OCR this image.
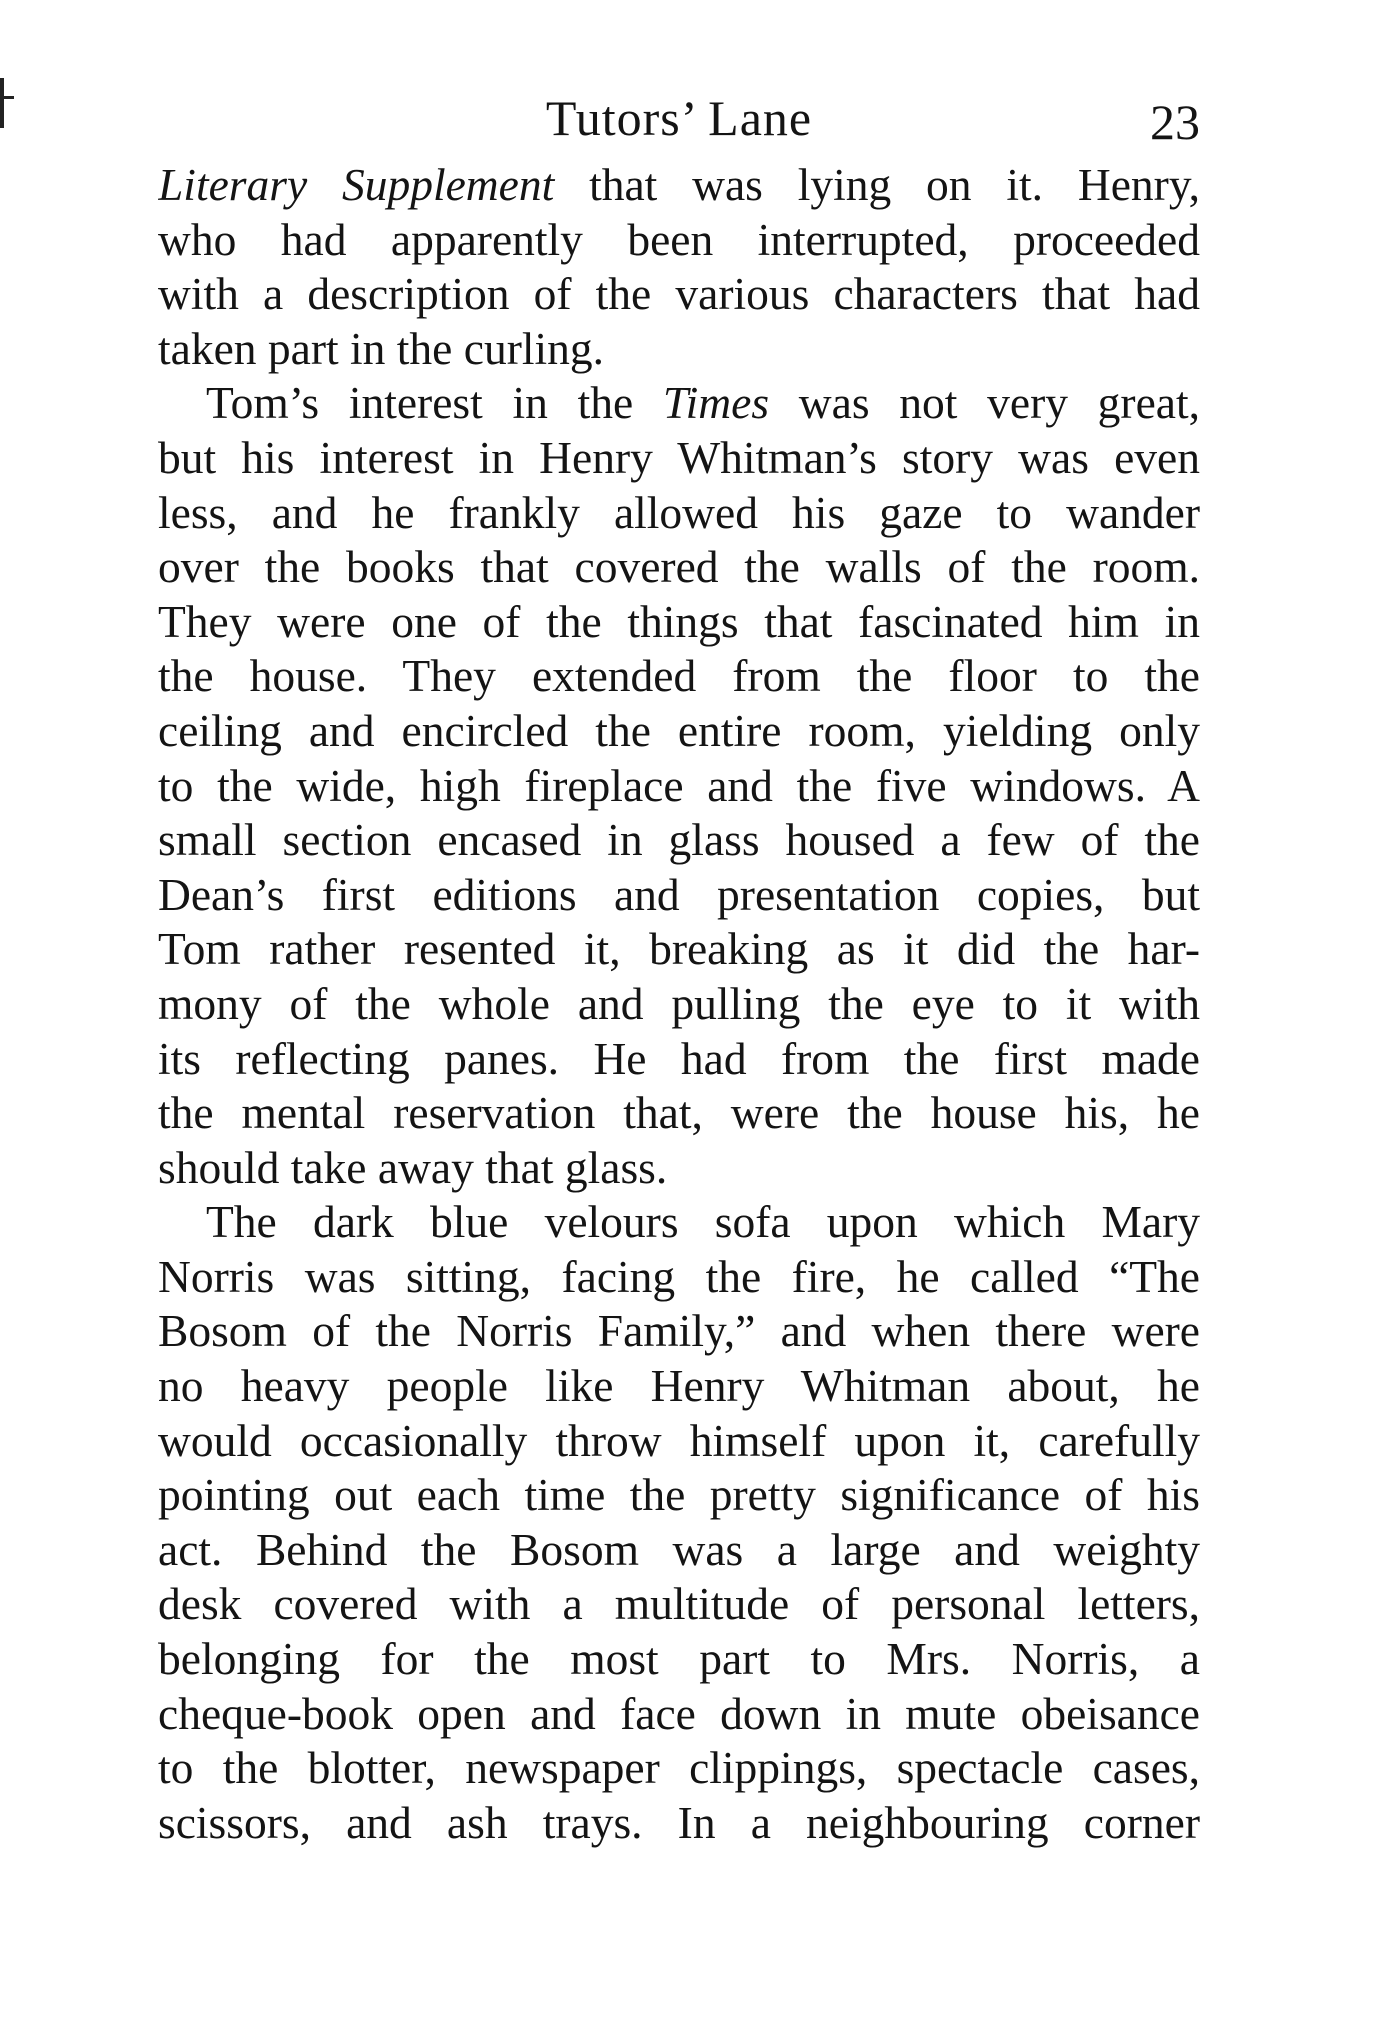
Tutors’ Lane	23
Literary Supplement that was lying on it. Henry,
who had apparently been interrupted, proceeded
with a description of the various characters that had
taken part in the curling.
Tom’s interest in the Times was not very great,
but his interest in Henry Whitman’s story was even
less, and he frankly allowed his gaze to wander
over the books that covered the walls of the room.
They were one of the things that fascinated him in
the house. They extended from the floor to the
ceiling and encircled the entire room, yielding only
to the wide, high fireplace and the five windows. A
small section encased in glass housed a few of the
Dean’s first editions and presentation copies, but
Tom rather resented it, breaking as it did the har-
mony of the whole and pulling the eye to it with
its reflecting panes. He had from the first made
the mental reservation that, were the house his, he
should take away that glass.
The dark blue velours sofa upon which Mary
Norris was sitting, facing the fire, he called “The
Bosom of the Norris Family,” and when there were
no heavy people like Henry Whitman about, he
would occasionally throw himself upon it, carefully
pointing out each time the pretty significance of his
act. Behind the Bosom was a large and weighty
desk covered with a multitude of personal letters,
belonging for the most part to Mrs. Norris, a
cheque-book open and face down in mute obeisance
to the blotter, newspaper clippings, spectacle cases,
scissors, and ash trays. In a neighbouring corner
